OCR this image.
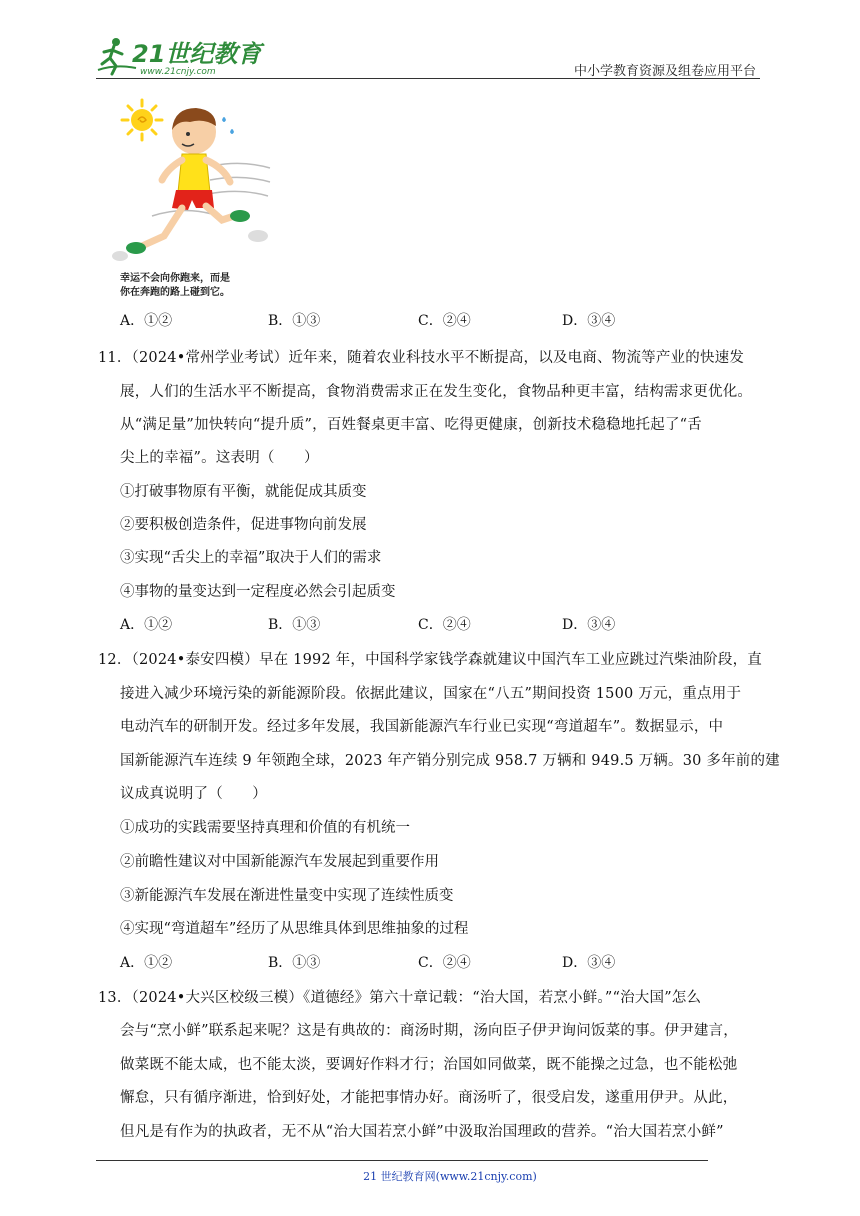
21世纪教育
www.21cnjy.com	中小学教育资源及组卷应用平台
幸运不会向你跑来，而是
你在奔跑的路上碰到它。
A．①②	B．①③	C．②④	D．③④
11．（2024•常州学业考试）近年来，随着农业科技水平不断提高，以及电商、物流等产业的快速发
展，人们的生活水平不断提高，食物消费需求正在发生变化，食物品种更丰富，结构需求更优化。
从“满足量”加快转向“提升质”，百姓餐桌更丰富、吃得更健康，创新技术稳稳地托起了“舌
尖上的幸福”。这表明（　　）
①打破事物原有平衡，就能促成其质变
②要积极创造条件，促进事物向前发展
③实现“舌尖上的幸福”取决于人们的需求
④事物的量变达到一定程度必然会引起质变
A．①②	B．①③	C．②④	D．③④
12．（2024•泰安四模）早在 1992 年，中国科学家钱学森就建议中国汽车工业应跳过汽柴油阶段，直
接进入减少环境污染的新能源阶段。依据此建议，国家在“八五”期间投资 1500 万元，重点用于
电动汽车的研制开发。经过多年发展，我国新能源汽车行业已实现“弯道超车”。数据显示，中
国新能源汽车连续 9 年领跑全球，2023 年产销分别完成 958.7 万辆和 949.5 万辆。30 多年前的建
议成真说明了（　　）
①成功的实践需要坚持真理和价值的有机统一
②前瞻性建议对中国新能源汽车发展起到重要作用
③新能源汽车发展在渐进性量变中实现了连续性质变
④实现“弯道超车”经历了从思维具体到思维抽象的过程
A．①②	B．①③	C．②④	D．③④
13．（2024•大兴区校级三模）《道德经》第六十章记载：“治大国，若烹小鲜。”“治大国”怎么
会与“烹小鲜”联系起来呢？这是有典故的：商汤时期，汤向臣子伊尹询问饭菜的事。伊尹建言，
做菜既不能太咸，也不能太淡，要调好作料才行；治国如同做菜，既不能操之过急，也不能松弛
懈怠，只有循序渐进，恰到好处，才能把事情办好。商汤听了，很受启发，遂重用伊尹。从此，
但凡是有作为的执政者，无不从“治大国若烹小鲜”中汲取治国理政的营养。“治大国若烹小鲜”
21 世纪教育网(www.21cnjy.com)
